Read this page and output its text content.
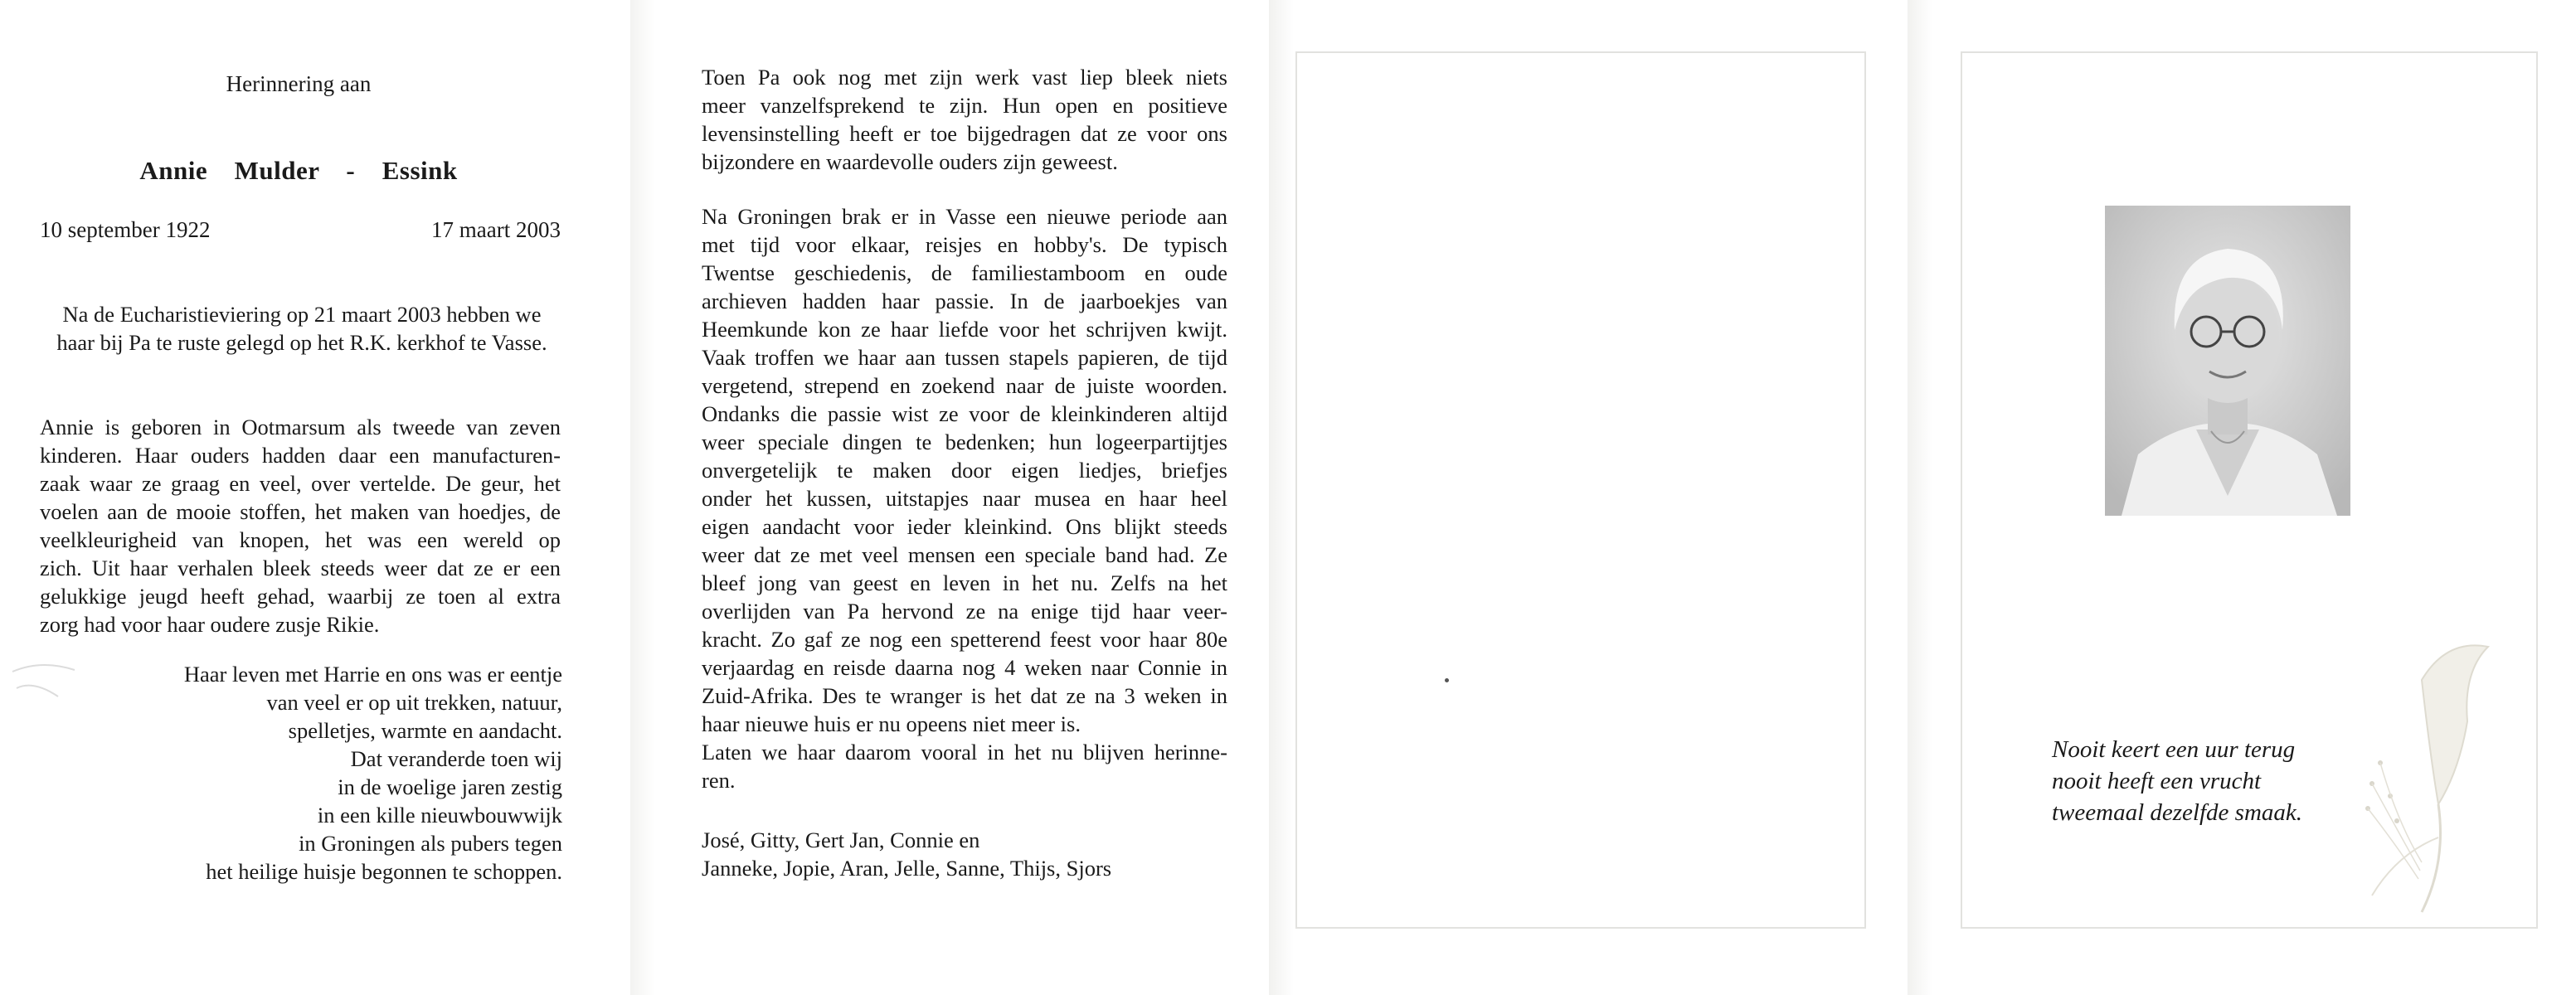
Herinnering aan
Annie  Mulder  -  Essink
10 september 1922	17 maart 2003
Na de Eucharistieviering op 21 maart 2003 hebben we
haar bij Pa te ruste gelegd op het R.K. kerkhof te Vasse.
Annie is geboren in Ootmarsum als tweede van zeven
kinderen. Haar ouders hadden daar een manufacturen-
zaak waar ze graag en veel, over vertelde. De geur, het
voelen aan de mooie stoffen, het maken van hoedjes, de
veelkleurigheid van knopen, het was een wereld op
zich. Uit haar verhalen bleek steeds weer dat ze er een
gelukkige jeugd heeft gehad, waarbij ze toen al extra
zorg had voor haar oudere zusje Rikie.
Haar leven met Harrie en ons was er eentje
van veel er op uit trekken, natuur,
spelletjes, warmte en aandacht.
Dat veranderde toen wij
in de woelige jaren zestig
in een kille nieuwbouwwijk
in Groningen als pubers tegen
het heilige huisje begonnen te schoppen.
Toen Pa ook nog met zijn werk vast liep bleek niets
meer vanzelfsprekend te zijn. Hun open en positieve
levensinstelling heeft er toe bijgedragen dat ze voor ons
bijzondere en waardevolle ouders zijn geweest.
Na Groningen brak er in Vasse een nieuwe periode aan
met tijd voor elkaar, reisjes en hobby's. De typisch
Twentse geschiedenis, de familiestamboom en oude
archieven hadden haar passie. In de jaarboekjes van
Heemkunde kon ze haar liefde voor het schrijven kwijt.
Vaak troffen we haar aan tussen stapels papieren, de tijd
vergetend, strepend en zoekend naar de juiste woorden.
Ondanks die passie wist ze voor de kleinkinderen altijd
weer speciale dingen te bedenken; hun logeerpartijtjes
onvergetelijk te maken door eigen liedjes, briefjes
onder het kussen, uitstapjes naar musea en haar heel
eigen aandacht voor ieder kleinkind. Ons blijkt steeds
weer dat ze met veel mensen een speciale band had. Ze
bleef jong van geest en leven in het nu. Zelfs na het
overlijden van Pa hervond ze na enige tijd haar veer-
kracht. Zo gaf ze nog een spetterend feest voor haar 80e
verjaardag en reisde daarna nog 4 weken naar Connie in
Zuid-Afrika. Des te wranger is het dat ze na 3 weken in
haar nieuwe huis er nu opeens niet meer is.
Laten we haar daarom vooral in het nu blijven herinne-
ren.
José, Gitty, Gert Jan, Connie en
Janneke, Jopie, Aran, Jelle, Sanne, Thijs, Sjors
Nooit keert een uur terug
nooit heeft een vrucht
tweemaal dezelfde smaak.
